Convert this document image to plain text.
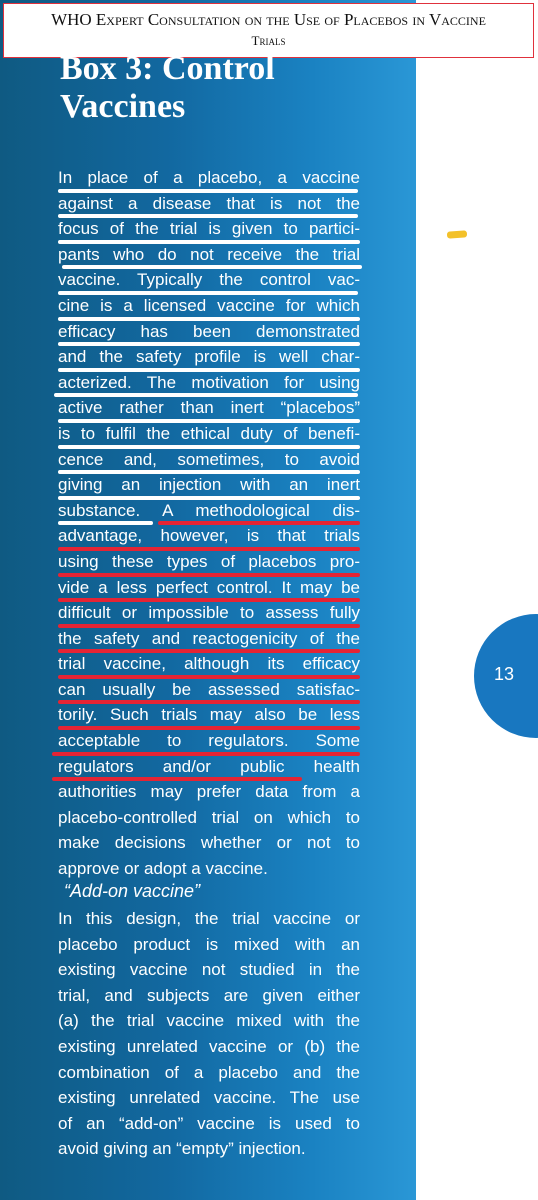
WHO Expert Consultation on the Use of Placebos in Vaccine
Trials
Box 3: Control
Vaccines
In place of a placebo, a vaccine
against a disease that is not the
focus of the trial is given to partici-
pants who do not receive the trial
vaccine. Typically the control vac-
cine is a licensed vaccine for which
efficacy has been demonstrated
and the safety profile is well char-
acterized. The motivation for using
active rather than inert “placebos”
is to fulfil the ethical duty of benefi-
cence and, sometimes, to avoid
giving an injection with an inert
substance. A methodological dis-
advantage, however, is that trials
using these types of placebos pro-
vide a less perfect control. It may be
difficult or impossible to assess fully
the safety and reactogenicity of the
trial vaccine, although its efficacy
can usually be assessed satisfac-
torily. Such trials may also be less
acceptable to regulators. Some
regulators and/or public health
authorities may prefer data from a
placebo-controlled trial on which to
make decisions whether or not to
approve or adopt a vaccine.
“Add-on vaccine”
In this design, the trial vaccine or
placebo product is mixed with an
existing vaccine not studied in the
trial, and subjects are given either
(a) the trial vaccine mixed with the
existing unrelated vaccine or (b) the
combination of a placebo and the
existing unrelated vaccine. The use
of an “add-on” vaccine is used to
avoid giving an “empty” injection.
13
